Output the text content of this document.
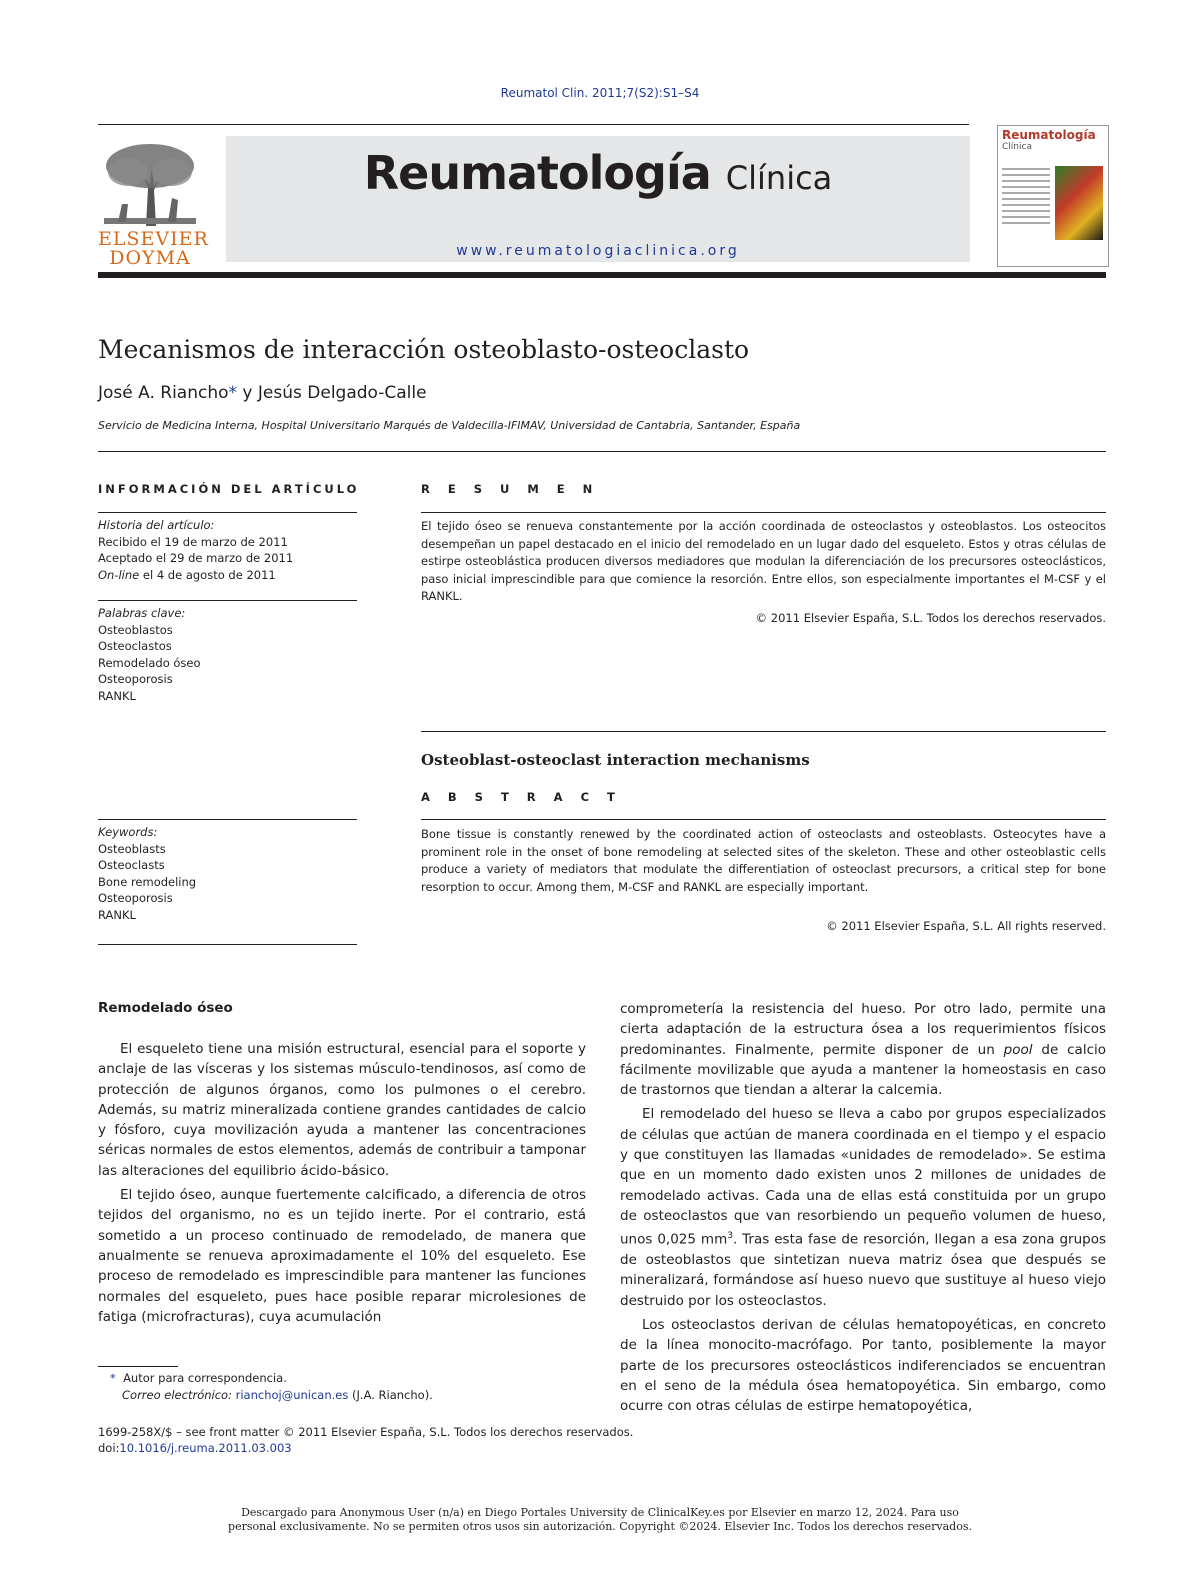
Reumatol Clin. 2011;7(S2):S1–S4
ELSEVIER
DOYMA
Reumatología Clínica
www.reumatologiaclinica.org
Reumatología
Clínica
Mecanismos de interacción osteoblasto-osteoclasto
José A. Riancho* y Jesús Delgado-Calle
Servicio de Medicina Interna, Hospital Universitario Marqués de Valdecilla-IFIMAV, Universidad de Cantabria, Santander, España
INFORMACIÓN DEL ARTÍCULO
Historia del artículo:
Recibido el 19 de marzo de 2011
Aceptado el 29 de marzo de 2011
On-line el 4 de agosto de 2011
Palabras clave:
Osteoblastos
Osteoclastos
Remodelado óseo
Osteoporosis
RANKL
Keywords:
Osteoblasts
Osteoclasts
Bone remodeling
Osteoporosis
RANKL
R E S U M E N
El tejido óseo se renueva constantemente por la acción coordinada de osteoclastos y osteoblastos. Los osteocitos desempeñan un papel destacado en el inicio del remodelado en un lugar dado del esqueleto. Estos y otras células de estirpe osteoblástica producen diversos mediadores que modulan la diferenciación de los precursores osteoclásticos, paso inicial imprescindible para que comience la resorción. Entre ellos, son especialmente importantes el M-CSF y el RANKL.
© 2011 Elsevier España, S.L. Todos los derechos reservados.
Osteoblast-osteoclast interaction mechanisms
A B S T R A C T
Bone tissue is constantly renewed by the coordinated action of osteoclasts and osteoblasts. Osteocytes have a prominent role in the onset of bone remodeling at selected sites of the skeleton. These and other osteoblastic cells produce a variety of mediators that modulate the differentiation of osteoclast precursors, a critical step for bone resorption to occur. Among them, M-CSF and RANKL are especially important.
© 2011 Elsevier España, S.L. All rights reserved.
Remodelado óseo

El esqueleto tiene una misión estructural, esencial para el soporte y anclaje de las vísceras y los sistemas músculo-tendinosos, así como de protección de algunos órganos, como los pulmones o el cerebro. Además, su matriz mineralizada contiene grandes cantidades de calcio y fósforo, cuya movilización ayuda a mantener las concentraciones séricas normales de estos elementos, además de contribuir a tamponar las alteraciones del equilibrio ácido-básico.

El tejido óseo, aunque fuertemente calcificado, a diferencia de otros tejidos del organismo, no es un tejido inerte. Por el contrario, está sometido a un proceso continuado de remodelado, de manera que anualmente se renueva aproximadamente el 10% del esqueleto. Ese proceso de remodelado es imprescindible para mantener las funciones normales del esqueleto, pues hace posible reparar microlesiones de fatiga (microfracturas), cuya acumulación

comprometería la resistencia del hueso. Por otro lado, permite una cierta adaptación de la estructura ósea a los requerimientos físicos predominantes. Finalmente, permite disponer de un pool de calcio fácilmente movilizable que ayuda a mantener la homeostasis en caso de trastornos que tiendan a alterar la calcemia.

El remodelado del hueso se lleva a cabo por grupos especializados de células que actúan de manera coordinada en el tiempo y el espacio y que constituyen las llamadas «unidades de remodelado». Se estima que en un momento dado existen unos 2 millones de unidades de remodelado activas. Cada una de ellas está constituida por un grupo de osteoclastos que van resorbiendo un pequeño volumen de hueso, unos 0,025 $mm^3$. Tras esta fase de resorción, llegan a esa zona grupos de osteoblastos que sintetizan nueva matriz ósea que después se mineralizará, formándose así hueso nuevo que sustituye al hueso viejo destruido por los osteoclastos.

Los osteoclastos derivan de células hematopoyéticas, en concreto de la línea monocito-macrófago. Por tanto, posiblemente la mayor parte de los precursores osteoclásticos indiferenciados se encuentran en el seno de la médula ósea hematopoyética. Sin embargo, como ocurre con otras células de estirpe hematopoyética,

* Autor para correspondencia.
Correo electrónico: rianchoj@unican.es (J.A. Riancho).
1699-258X/$ – see front matter © 2011 Elsevier España, S.L. Todos los derechos reservados.
doi:10.1016/j.reuma.2011.03.003
Descargado para Anonymous User (n/a) en Diego Portales University de ClinicalKey.es por Elsevier en marzo 12, 2024. Para uso
personal exclusivamente. No se permiten otros usos sin autorización. Copyright ©2024. Elsevier Inc. Todos los derechos reservados.
